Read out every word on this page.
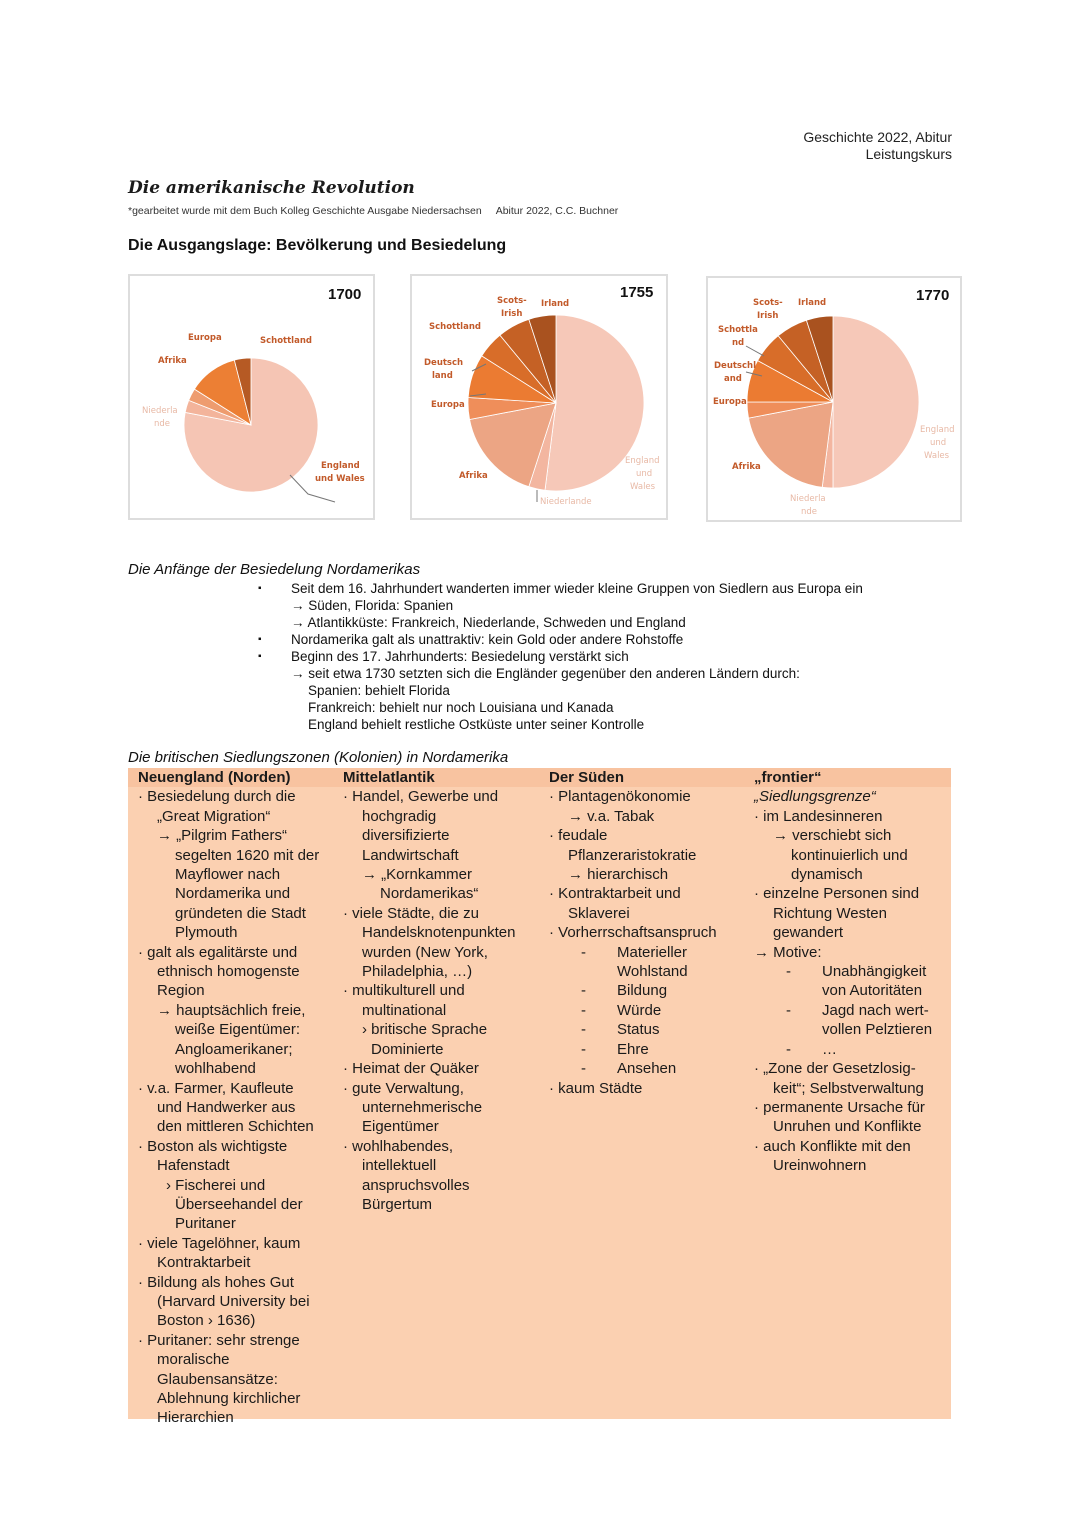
Geschichte 2022, Abitur
Leistungskurs
Die amerikanische Revolution
*gearbeitet wurde mit dem Buch Kolleg Geschichte Ausgabe Niedersachsen Abitur 2022, C.C. Buchner
Die Ausgangslage: Bevölkerung und Besiedelung
1700
Europa	Schottland
Afrika
Niederla
nde
England
und Wales
1755
Scots-
Irish
Irland
Schottland
Deutsch
land
Europa
Afrika
England
und
Wales
Niederlande
1770
Scots-
Irish
Irland
Schottla
nd
Deutschl
and
Europa
Afrika
England
und
Wales
Niederla
nde
Die Anfänge der Besiedelung Nordamerikas
▪ Seit dem 16. Jahrhundert wanderten immer wieder kleine Gruppen von Siedlern aus Europa ein
→ Süden, Florida: Spanien
→ Atlantikküste: Frankreich, Niederlande, Schweden und England
▪ Nordamerika galt als unattraktiv: kein Gold oder andere Rohstoffe
▪ Beginn des 17. Jahrhunderts: Besiedelung verstärkt sich
→ seit etwa 1730 setzten sich die Engländer gegenüber den anderen Ländern durch:
Spanien: behielt Florida
Frankreich: behielt nur noch Louisiana und Kanada
England behielt restliche Ostküste unter seiner Kontrolle
Die britischen Siedlungszonen (Kolonien) in Nordamerika
Neuengland (Norden)
· Besiedelung durch die
„Great Migration“
→ „Pilgrim Fathers“
segelten 1620 mit der
Mayflower nach
Nordamerika und
gründeten die Stadt
Plymouth
· galt als egalitärste und
ethnisch homogenste
Region
→ hauptsächlich freie,
weiße Eigentümer:
Angloamerikaner;
wohlhabend
· v.a. Farmer, Kaufleute
und Handwerker aus
den mittleren Schichten
· Boston als wichtigste
Hafenstadt
› Fischerei und
Überseehandel der
Puritaner
· viele Tagelöhner, kaum
Kontraktarbeit
· Bildung als hohes Gut
(Harvard University bei
Boston › 1636)
· Puritaner: sehr strenge
moralische
Glaubensansätze:
Ablehnung kirchlicher
Hierarchien
Mittelatlantik
· Handel, Gewerbe und
hochgradig
diversifizierte
Landwirtschaft
→ „Kornkammer
Nordamerikas“
· viele Städte, die zu
Handelsknotenpunkten
wurden (New York,
Philadelphia, …)
· multikulturell und
multinational
› britische Sprache
Dominierte
· Heimat der Quäker
· gute Verwaltung,
unternehmerische
Eigentümer
· wohlhabendes,
intellektuell
anspruchsvolles
Bürgertum
Der Süden
· Plantagenökonomie
→ v.a. Tabak
· feudale
Pflanzeraristokratie
→ hierarchisch
· Kontraktarbeit und
Sklaverei
· Vorherrschaftsanspruch
- Materieller
Wohlstand
- Bildung
- Würde
- Status
- Ehre
- Ansehen
· kaum Städte
„frontier“
„Siedlungsgrenze“
· im Landesinneren
→ verschiebt sich
kontinuierlich und
dynamisch
· einzelne Personen sind
Richtung Westen
gewandert
→ Motive:
- Unabhängigkeit
von Autoritäten
- Jagd nach wert-
vollen Pelztieren
- …
· „Zone der Gesetzlosig-
keit“; Selbstverwaltung
· permanente Ursache für
Unruhen und Konflikte
· auch Konflikte mit den
Ureinwohnern
